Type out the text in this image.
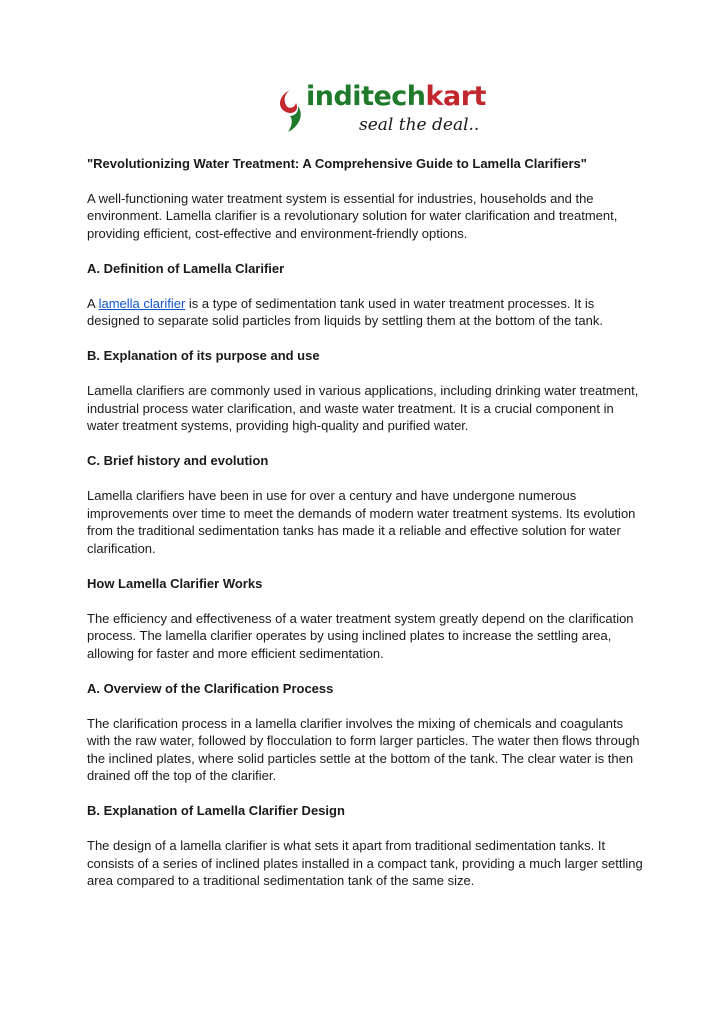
inditechkart
seal the deal..

"Revolutionizing Water Treatment: A Comprehensive Guide to Lamella Clarifiers"

A well-functioning water treatment system is essential for industries, households and the environment. Lamella clarifier is a revolutionary solution for water clarification and treatment, providing efficient, cost-effective and environment-friendly options.

A. Definition of Lamella Clarifier

A lamella clarifier is a type of sedimentation tank used in water treatment processes. It is designed to separate solid particles from liquids by settling them at the bottom of the tank.

B. Explanation of its purpose and use

Lamella clarifiers are commonly used in various applications, including drinking water treatment, industrial process water clarification, and waste water treatment. It is a crucial component in water treatment systems, providing high-quality and purified water.

C. Brief history and evolution

Lamella clarifiers have been in use for over a century and have undergone numerous improvements over time to meet the demands of modern water treatment systems. Its evolution from the traditional sedimentation tanks has made it a reliable and effective solution for water clarification.

How Lamella Clarifier Works

The efficiency and effectiveness of a water treatment system greatly depend on the clarification process. The lamella clarifier operates by using inclined plates to increase the settling area, allowing for faster and more efficient sedimentation.

A. Overview of the Clarification Process

The clarification process in a lamella clarifier involves the mixing of chemicals and coagulants with the raw water, followed by flocculation to form larger particles. The water then flows through the inclined plates, where solid particles settle at the bottom of the tank. The clear water is then drained off the top of the clarifier.

B. Explanation of Lamella Clarifier Design

The design of a lamella clarifier is what sets it apart from traditional sedimentation tanks. It consists of a series of inclined plates installed in a compact tank, providing a much larger settling area compared to a traditional sedimentation tank of the same size.
